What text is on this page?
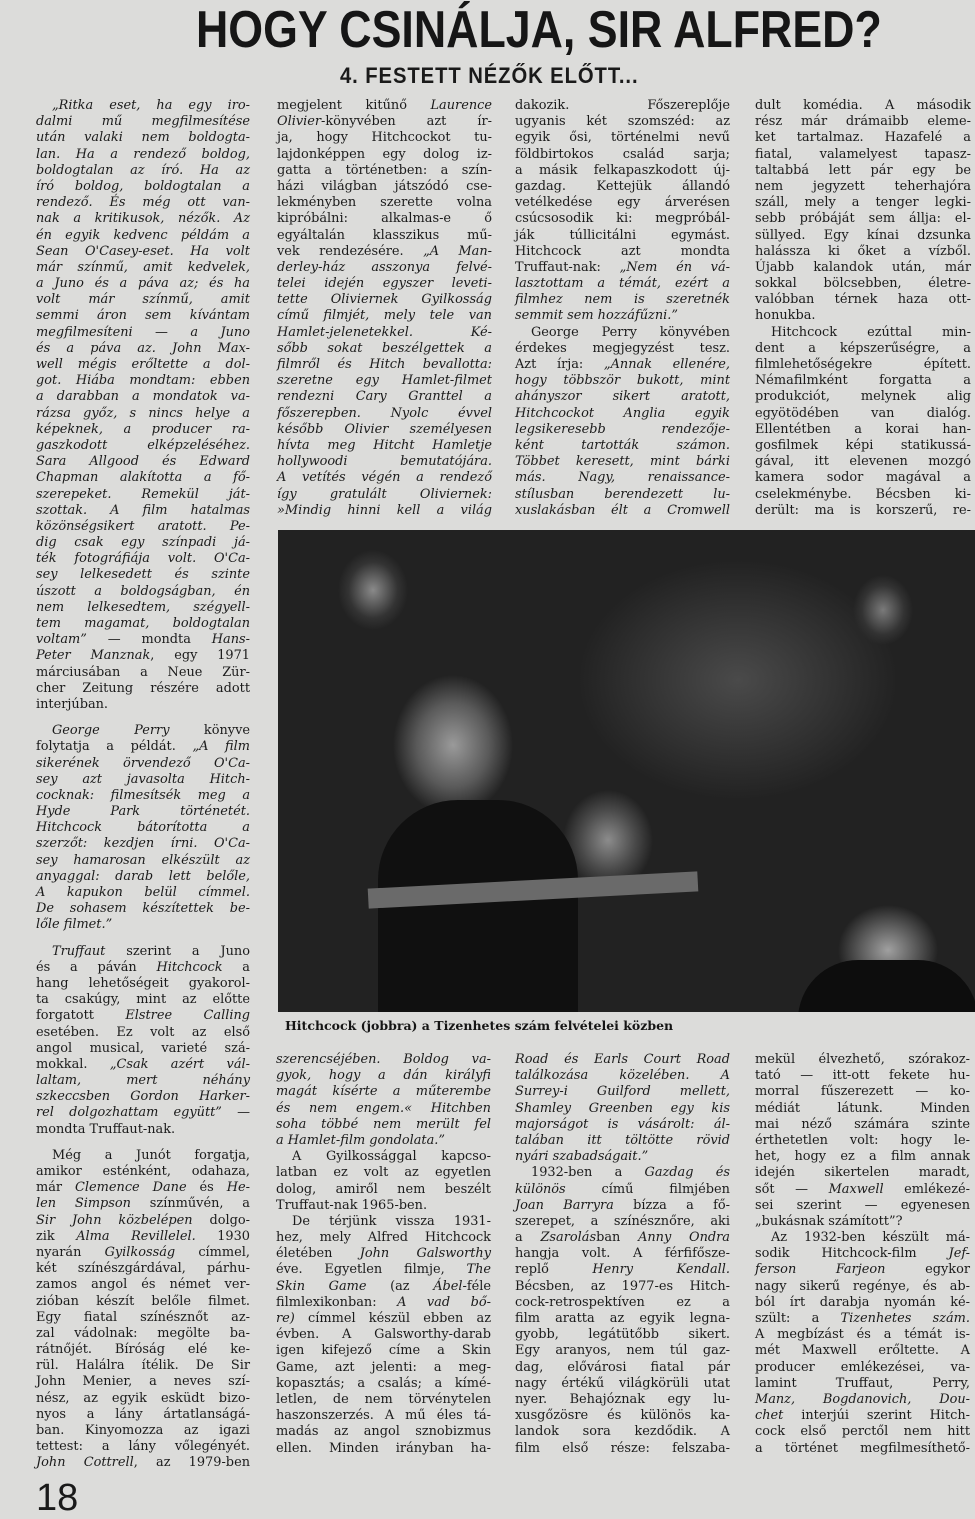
HOGY CSINÁLJA, SIR ALFRED?
4. FESTETT NÉZŐK ELŐTT...
„Ritka eset, ha egy iro-
dalmi mű megfilmesítése
után valaki nem boldogta-
lan. Ha a rendező boldog,
boldogtalan az író. Ha az
író boldog, boldogtalan a
rendező. És még ott van-
nak a kritikusok, nézők. Az
én egyik kedvenc példám a
Sean O'Casey-eset. Ha volt
már színmű, amit kedvelek,
a Juno és a páva az; és ha
volt már színmű, amit
semmi áron sem kívántam
megfilmesíteni — a Juno
és a páva az. John Max-
well mégis erőltette a dol-
got. Hiába mondtam: ebben
a darabban a mondatok va-
rázsa győz, s nincs helye a
képeknek, a producer ra-
gaszkodott elképzeléséhez.
Sara Allgood és Edward
Chapman alakította a fő-
szerepeket. Remekül ját-
szottak. A film hatalmas
közönségsikert aratott. Pe-
dig csak egy színpadi já-
ték fotográfiája volt. O'Ca-
sey lelkesedett és szinte
úszott a boldogságban, én
nem lelkesedtem, szégyell-
tem magamat, boldogtalan
voltam” — mondta Hans-
Peter Manznak, egy 1971
márciusában a Neue Zür-
cher Zeitung részére adott
interjúban.
George Perry könyve
folytatja a példát. „A film
sikerének örvendező O'Ca-
sey azt javasolta Hitch-
cocknak: filmesítsék meg a
Hyde Park történetét.
Hitchcock bátorította a
szerzőt: kezdjen írni. O'Ca-
sey hamarosan elkészült az
anyaggal: darab lett belőle,
A kapukon belül címmel.
De sohasem készítettek be-
lőle filmet.”
Truffaut szerint a Juno
és a páván Hitchcock a
hang lehetőségeit gyakorol-
ta csakúgy, mint az előtte
forgatott Elstree Calling
esetében. Ez volt az első
angol musical, varieté szá-
mokkal. „Csak azért vál-
laltam, mert néhány
szkeccsben Gordon Harker-
rel dolgozhattam együtt” —
mondta Truffaut-nak.
Még a Junót forgatja,
amikor esténként, odahaza,
már Clemence Dane és He-
len Simpson színművén, a
Sir John közbelépen dolgo-
zik Alma Revillelel. 1930
nyarán Gyilkosság címmel,
két színészgárdával, párhu-
zamos angol és német ver-
zióban készít belőle filmet.
Egy fiatal színésznőt az-
zal vádolnak: megölte ba-
rátnőjét. Bíróság elé ke-
rül. Halálra ítélik. De Sir
John Menier, a neves szí-
nész, az egyik esküdt bizo-
nyos a lány ártatlanságá-
ban. Kinyomozza az igazi
tettest: a lány vőlegényét.
John Cottrell, az 1979-ben
megjelent kitűnő Laurence
Olivier-könyvében azt ír-
ja, hogy Hitchcockot tu-
lajdonképpen egy dolog iz-
gatta a történetben: a szín-
házi világban játszódó cse-
lekményben szerette volna
kipróbálni: alkalmas-e ő
egyáltalán klasszikus mű-
vek rendezésére. „A Man-
derley-ház asszonya felvé-
telei idején egyszer leveti-
tette Oliviernek Gyilkosság
című filmjét, mely tele van
Hamlet-jelenetekkel. Ké-
sőbb sokat beszélgettek a
filmről és Hitch bevallotta:
szeretne egy Hamlet-filmet
rendezni Cary Granttel a
főszerepben. Nyolc évvel
később Olivier személyesen
hívta meg Hitcht Hamletje
hollywoodi bemutatójára.
A vetítés végén a rendező
így gratulált Oliviernek:
»Mindig hinni kell a világ
dakozik. Főszereplője
ugyanis két szomszéd: az
egyik ősi, történelmi nevű
földbirtokos család sarja;
a másik felkapaszkodott új-
gazdag. Kettejük állandó
vetélkedése egy árverésen
csúcsosodik ki: megpróbál-
ják túllicitálni egymást.
Hitchcock azt mondta
Truffaut-nak: „Nem én vá-
lasztottam a témát, ezért a
filmhez nem is szeretnék
semmit sem hozzáfűzni.”
George Perry könyvében
érdekes megjegyzést tesz.
Azt írja: „Annak ellenére,
hogy többször bukott, mint
ahányszor sikert aratott,
Hitchcockot Anglia egyik
legsikeresebb rendezője-
ként tartották számon.
Többet keresett, mint bárki
más. Nagy, renaissance-
stílusban berendezett lu-
xuslakásban élt a Cromwell
dult komédia. A második
rész már drámaibb eleme-
ket tartalmaz. Hazafelé a
fiatal, valamelyest tapasz-
taltabbá lett pár egy be
nem jegyzett teherhajóra
száll, mely a tenger legki-
sebb próbáját sem állja: el-
süllyed. Egy kínai dzsunka
halássza ki őket a vízből.
Újabb kalandok után, már
sokkal bölcsebben, életre-
valóbban térnek haza ott-
honukba.
Hitchcock ezúttal min-
dent a képszerűségre, a
filmlehetőségekre épített.
Némafilmként forgatta a
produkciót, melynek alig
egyötödében van dialóg.
Ellentétben a korai han-
gosfilmek képi statikussá-
gával, itt elevenen mozgó
kamera sodor magával a
cselekménybe. Bécsben ki-
derült: ma is korszerű, re-
Hitchcock (jobbra) a Tizenhetes szám felvételei közben
szerencséjében. Boldog va-
gyok, hogy a dán királyfi
magát kísérte a műterembe
és nem engem.« Hitchben
soha többé nem merült fel
a Hamlet-film gondolata.”
A Gyilkossággal kapcso-
latban ez volt az egyetlen
dolog, amiről nem beszélt
Truffaut-nak 1965-ben.
De térjünk vissza 1931-
hez, mely Alfred Hitchcock
életében John Galsworthy
éve. Egyetlen filmje, The
Skin Game (az Ábel-féle
filmlexikonban: A vad bő-
re) címmel készül ebben az
évben. A Galsworthy-darab
igen kifejező címe a Skin
Game, azt jelenti: a meg-
kopasztás; a csalás; a kímé-
letlen, de nem törvénytelen
haszonszerzés. A mű éles tá-
madás az angol sznobizmus
ellen. Minden irányban ha-
Road és Earls Court Road
találkozása közelében. A
Surrey-i Guilford mellett,
Shamley Greenben egy kis
majorságot is vásárolt: ál-
talában itt töltötte rövid
nyári szabadságait.”
1932-ben a Gazdag és
különös című filmjében
Joan Barryra bízza a fő-
szerepet, a színésznőre, aki
a Zsarolásban Anny Ondra
hangja volt. A férfifősze-
replő Henry Kendall.
Bécsben, az 1977-es Hitch-
cock-retrospektíven ez a
film aratta az egyik legna-
gyobb, legátütőbb sikert.
Egy aranyos, nem túl gaz-
dag, elővárosi fiatal pár
nagy értékű világkörüli utat
nyer. Behajóznak egy lu-
xusgőzösre és különös ka-
landok sora kezdődik. A
film első része: felszaba-
mekül élvezhető, szórakoz-
tató — itt-ott fekete hu-
morral fűszerezett — ko-
médiát látunk. Minden
mai néző számára szinte
érthetetlen volt: hogy le-
het, hogy ez a film annak
idején sikertelen maradt,
sőt — Maxwell emlékezé-
sei szerint — egyenesen
„bukásnak számított”?
Az 1932-ben készült má-
sodik Hitchcock-film Jef-
ferson Farjeon egykor
nagy sikerű regénye, és ab-
ból írt darabja nyomán ké-
szült: a Tizenhetes szám.
A megbízást és a témát is-
mét Maxwell erőltette. A
producer emlékezései, va-
lamint Truffaut, Perry,
Manz, Bogdanovich, Dou-
chet interjúi szerint Hitch-
cock első perctől nem hitt
a történet megfilmesíthető-
18
